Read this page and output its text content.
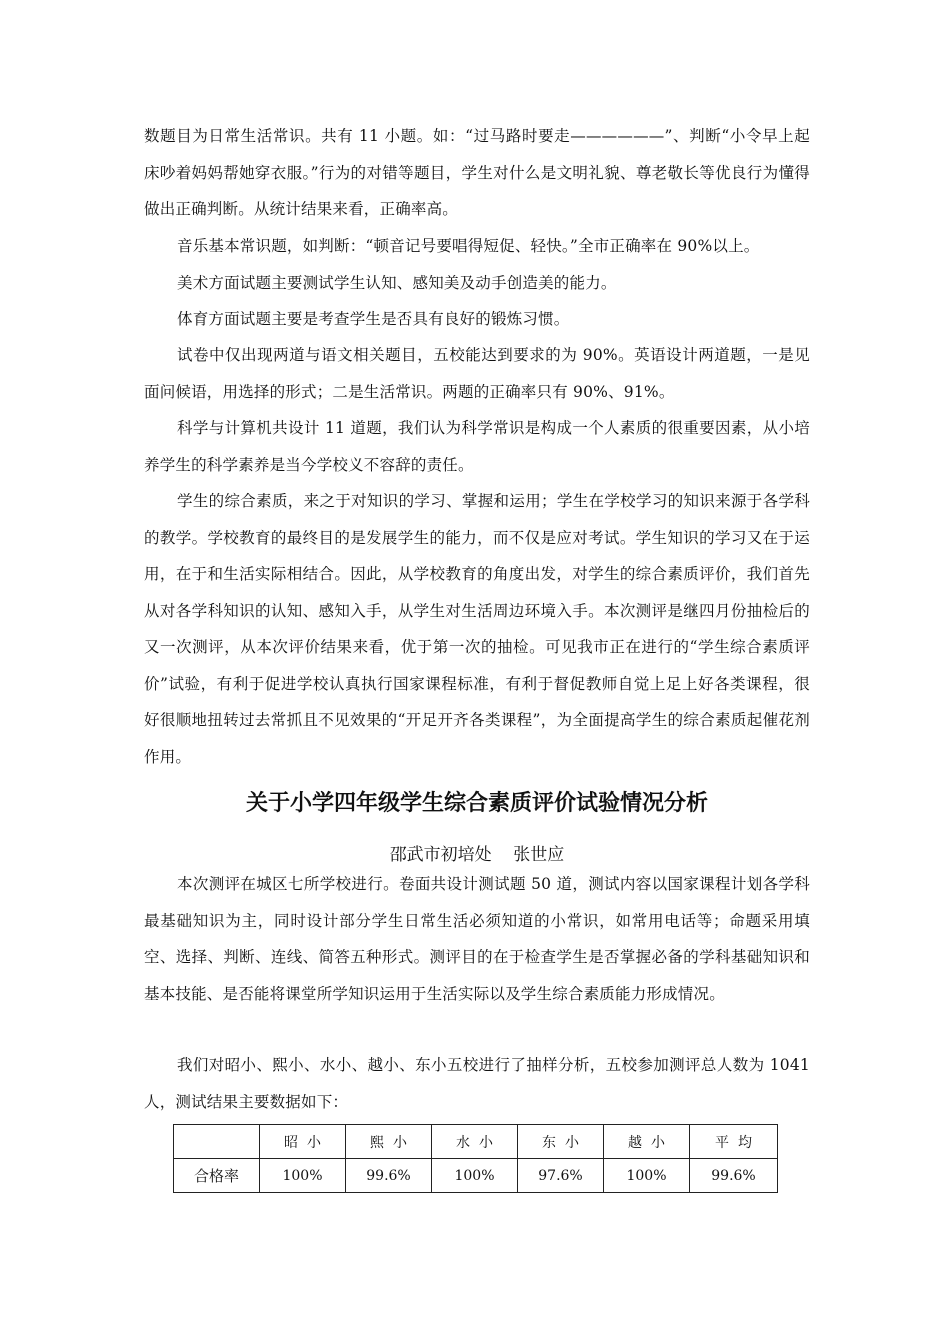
数题目为日常生活常识。共有 11 小题。如：“过马路时要走——————”、判断“小令早上起床吵着妈妈帮她穿衣服。”行为的对错等题目，学生对什么是文明礼貌、尊老敬长等优良行为懂得做出正确判断。从统计结果来看，正确率高。

音乐基本常识题，如判断：“顿音记号要唱得短促、轻快。”全市正确率在 90%以上。

美术方面试题主要测试学生认知、感知美及动手创造美的能力。

体育方面试题主要是考查学生是否具有良好的锻炼习惯。

试卷中仅出现两道与语文相关题目，五校能达到要求的为 90%。英语设计两道题，一是见面问候语，用选择的形式；二是生活常识。两题的正确率只有 90%、91%。

科学与计算机共设计 11 道题，我们认为科学常识是构成一个人素质的很重要因素，从小培养学生的科学素养是当今学校义不容辞的责任。

学生的综合素质，来之于对知识的学习、掌握和运用；学生在学校学习的知识来源于各学科的教学。学校教育的最终目的是发展学生的能力，而不仅是应对考试。学生知识的学习又在于运用，在于和生活实际相结合。因此，从学校教育的角度出发，对学生的综合素质评价，我们首先从对各学科知识的认知、感知入手，从学生对生活周边环境入手。本次测评是继四月份抽检后的又一次测评，从本次评价结果来看，优于第一次的抽检。可见我市正在进行的“学生综合素质评价”试验，有利于促进学校认真执行国家课程标准，有利于督促教师自觉上足上好各类课程，很好很顺地扭转过去常抓且不见效果的“开足开齐各类课程”，为全面提高学生的综合素质起催花剂作用。

关于小学四年级学生综合素质评价试验情况分析

邵武市初培处    张世应

本次测评在城区七所学校进行。卷面共设计测试题 50 道，测试内容以国家课程计划各学科最基础知识为主，同时设计部分学生日常生活必须知道的小常识，如常用电话等；命题采用填空、选择、判断、连线、简答五种形式。测评目的在于检查学生是否掌握必备的学科基础知识和基本技能、是否能将课堂所学知识运用于生活实际以及学生综合素质能力形成情况。

我们对昭小、熙小、水小、越小、东小五校进行了抽样分析，五校参加测评总人数为 1041 人，测试结果主要数据如下：

	昭  小	熙  小	水  小	东  小	越  小	平  均
合格率	100%	99.6%	100%	97.6%	100%	99.6%
